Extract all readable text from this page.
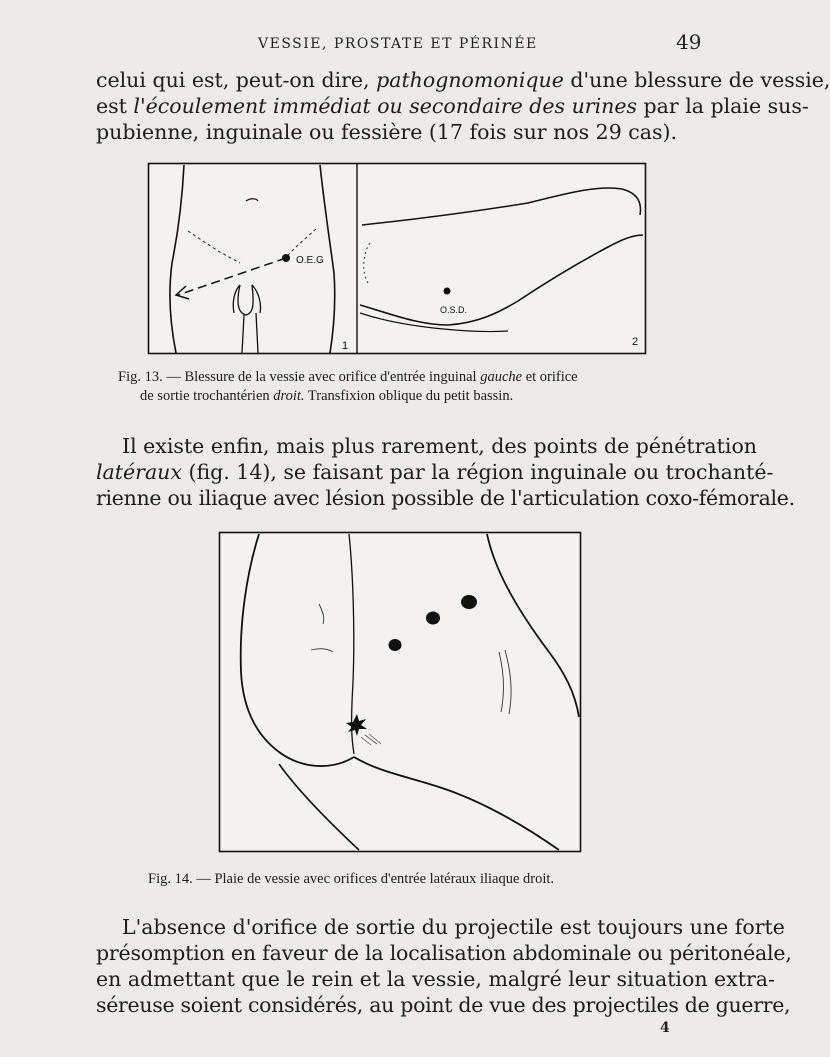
VESSIE, PROSTATE ET PÉRINÉE	49

celui qui est, peut-on dire, pathognomonique d'une blessure de vessie,
est l'écoulement immédiat ou secondaire des urines par la plaie sus-
pubienne, inguinale ou fessière (17 fois sur nos 29 cas).

O.E.G
1
O.S.D.
2
Fig. 13. — Blessure de la vessie avec orifice d'entrée inguinal gauche et orifice
de sortie trochantérien droit. Transfixion oblique du petit bassin.

Il existe enfin, mais plus rarement, des points de pénétration
latéraux (fig. 14), se faisant par la région inguinale ou trochanté-
rienne ou iliaque avec lésion possible de l'articulation coxo-fémorale.

Fig. 14. — Plaie de vessie avec orifices d'entrée latéraux iliaque droit.

L'absence d'orifice de sortie du projectile est toujours une forte
présomption en faveur de la localisation abdominale ou péritonéale,
en admettant que le rein et la vessie, malgré leur situation extra-
séreuse soient considérés, au point de vue des projectiles de guerre,

4
